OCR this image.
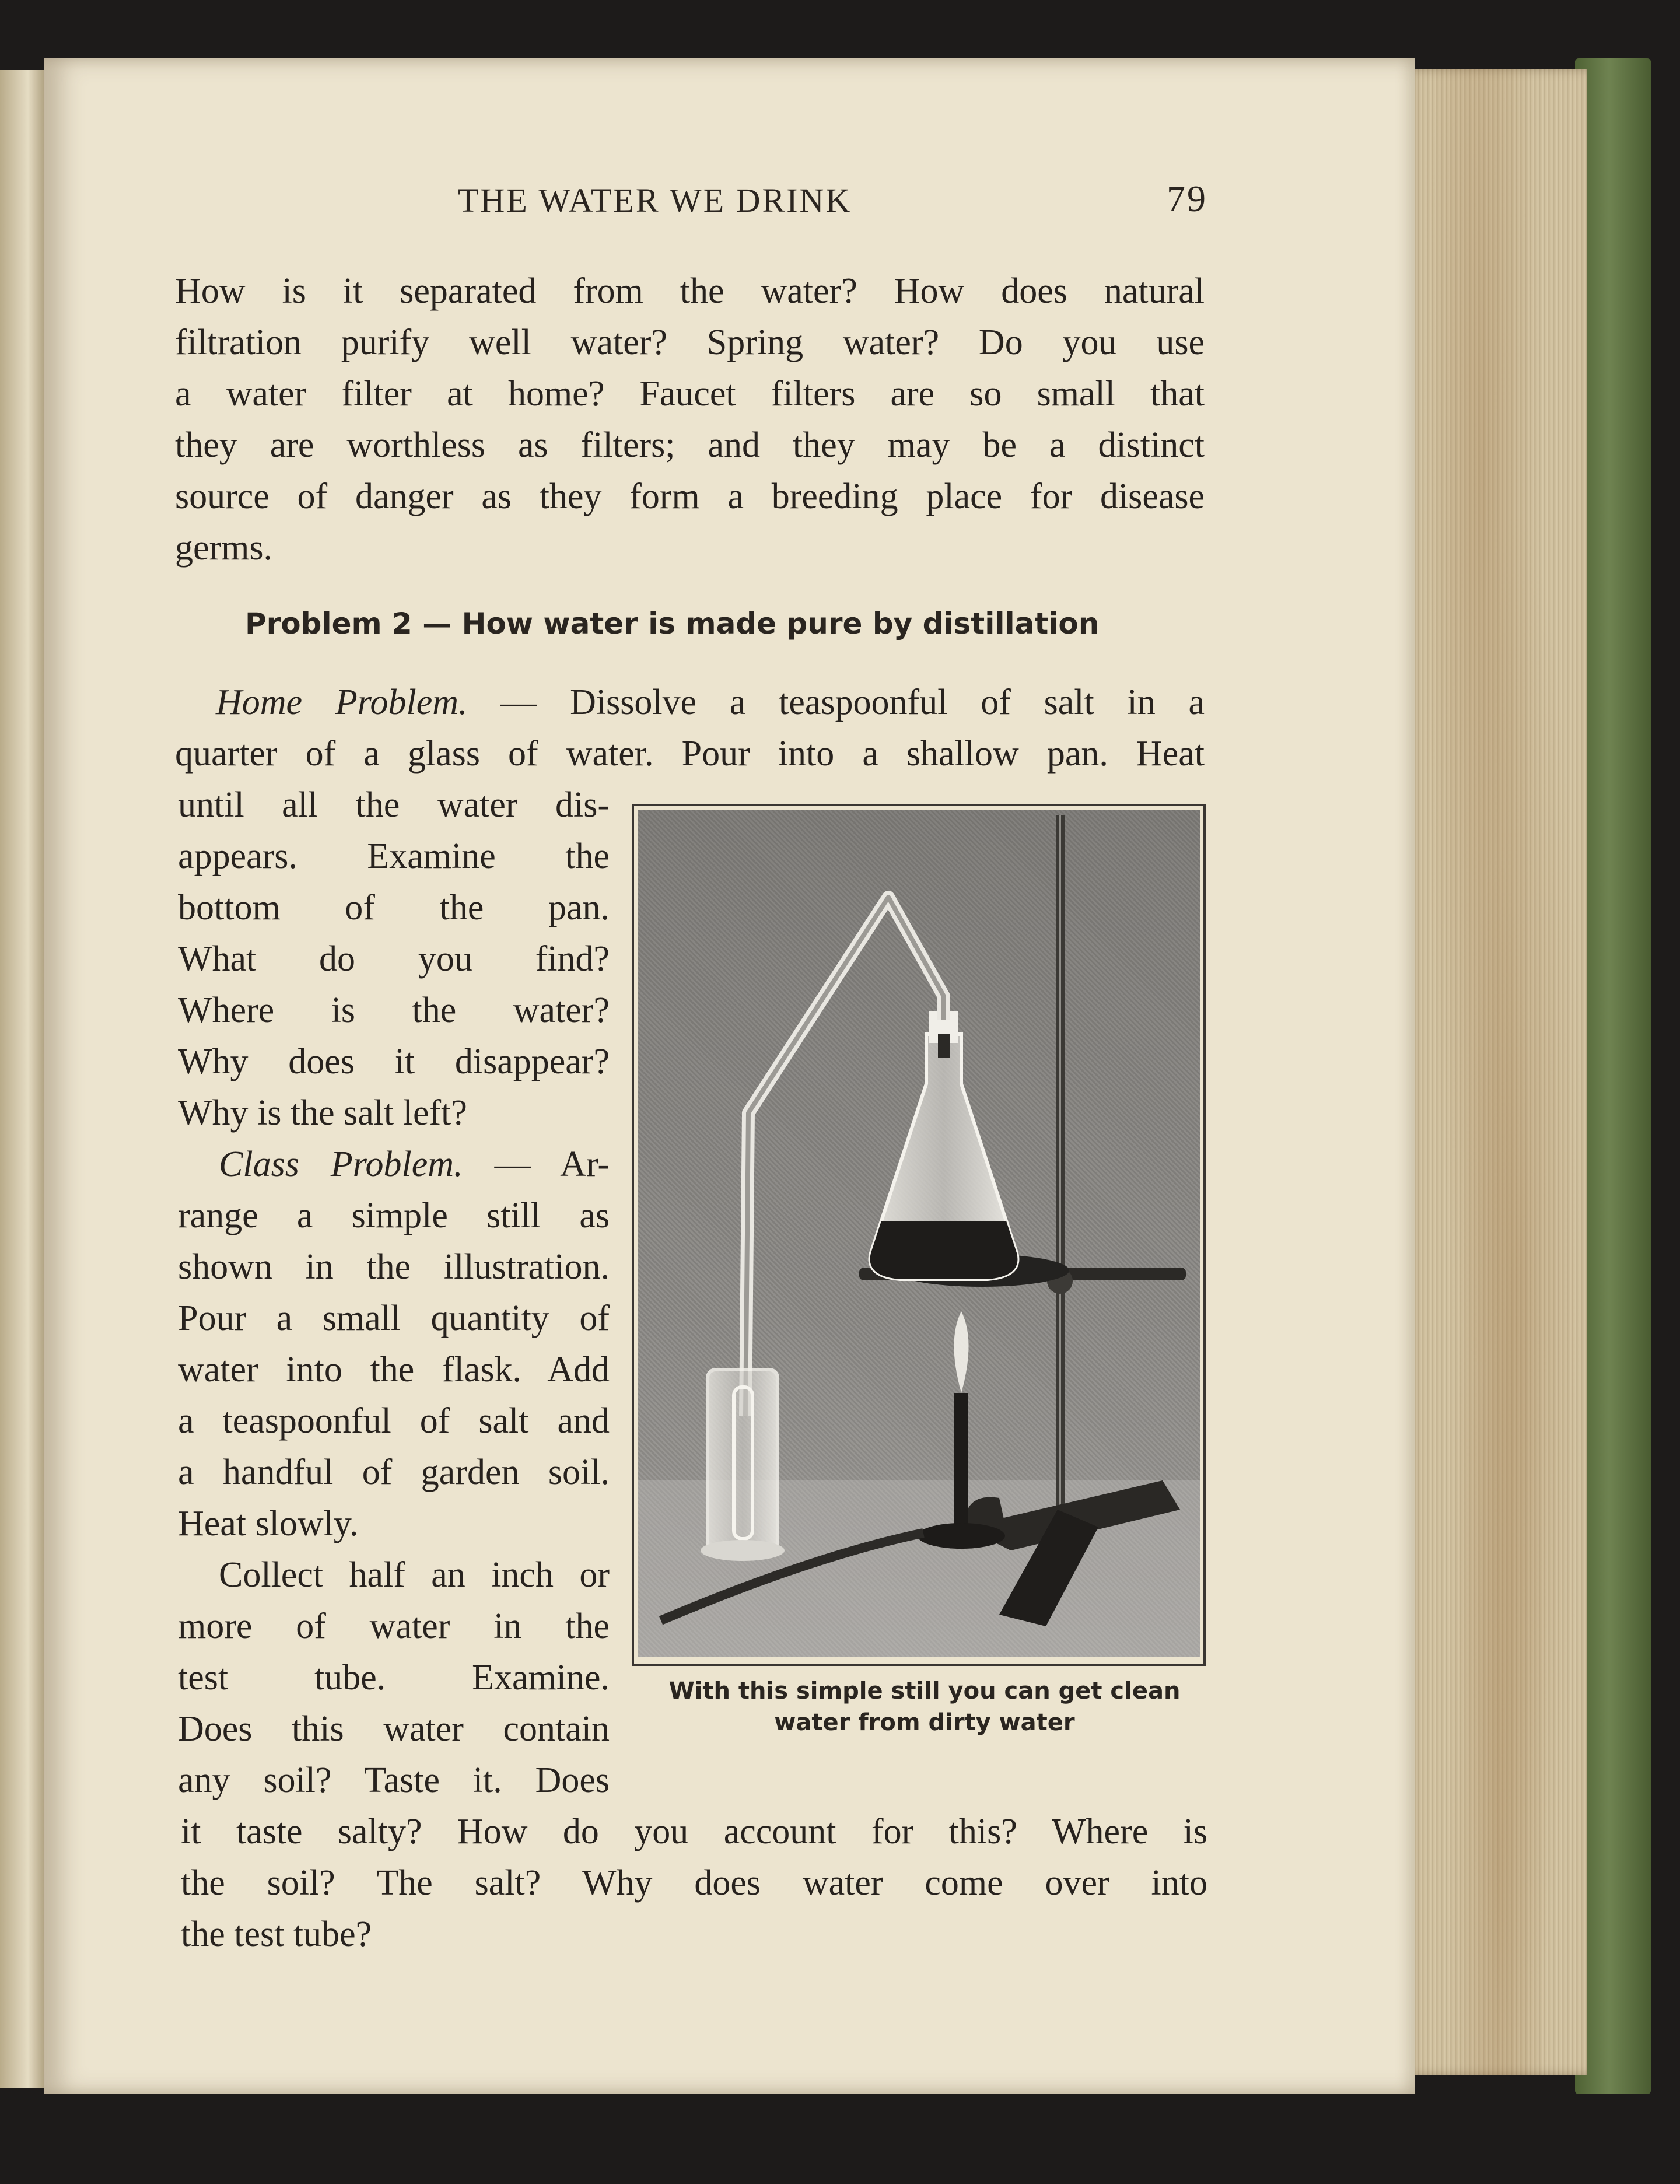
THE WATER WE DRINK	79
How is it separated from the water? How does natural
filtration purify well water? Spring water? Do you use
a water filter at home? Faucet filters are so small that
they are worthless as filters; and they may be a distinct
source of danger as they form a breeding place for disease
germs.
Problem 2 — How water is made pure by distillation
Home Problem. — Dissolve a teaspoonful of salt in a
quarter of a glass of water. Pour into a shallow pan. Heat
until all the water dis-
appears. Examine the
bottom of the pan.
What do you find?
Where is the water?
Why does it disappear?
Why is the salt left?
Class Problem. — Ar-
range a simple still as
shown in the illustration.
Pour a small quantity of
water into the flask. Add
a teaspoonful of salt and
a handful of garden soil.
Heat slowly.
Collect half an inch or
more of water in the
test tube. Examine.
Does this water contain
any soil? Taste it. Does
it taste salty? How do you account for this? Where is
the soil? The salt? Why does water come over into
the test tube?
With this simple still you can get clean
water from dirty water
